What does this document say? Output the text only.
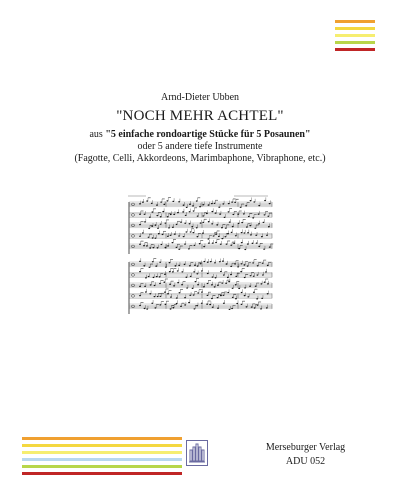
Arnd-Dieter Ubben
"NOCH MEHR ACHTEL"
aus "5 einfache rondoartige Stücke für 5 Posaunen"
oder 5 andere tiefe Instrumente
(Fagotte, Celli, Akkordeons, Marimbaphone, Vibraphone, etc.)
Merseburger Verlag
ADU 052
